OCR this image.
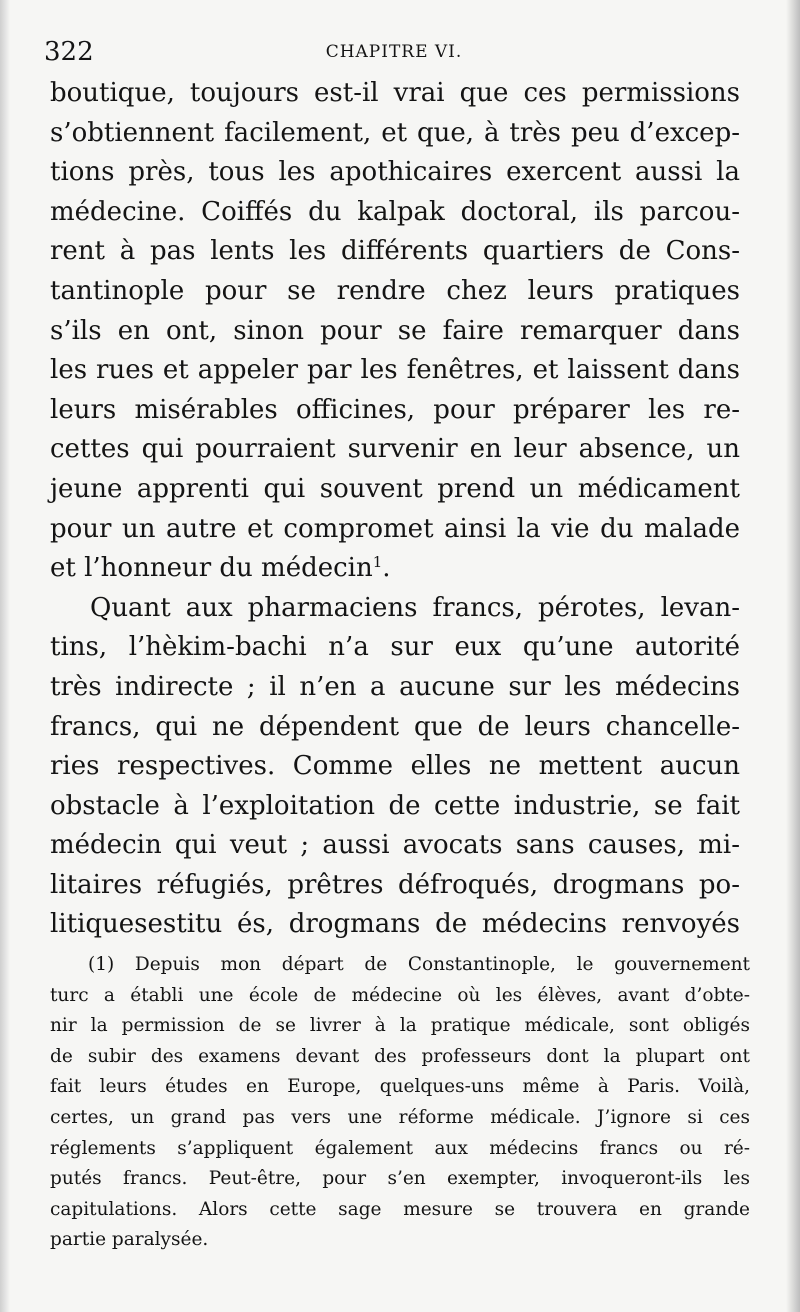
322	CHAPITRE VI.
boutique, toujours est-il vrai que ces permissions
s’obtiennent facilement, et que, à très peu d’excep-
tions près, tous les apothicaires exercent aussi la
médecine. Coiffés du kalpak doctoral, ils parcou-
rent à pas lents les différents quartiers de Cons-
tantinople pour se rendre chez leurs pratiques
s’ils en ont, sinon pour se faire remarquer dans
les rues et appeler par les fenêtres, et laissent dans
leurs misérables officines, pour préparer les re-
cettes qui pourraient survenir en leur absence, un
jeune apprenti qui souvent prend un médicament
pour un autre et compromet ainsi la vie du malade
et l’honneur du médecin$^1$.
Quant aux pharmaciens francs, pérotes, levan-
tins, l’hèkim-bachi n’a sur eux qu’une autorité
très indirecte ; il n’en a aucune sur les médecins
francs, qui ne dépendent que de leurs chancelle-
ries respectives. Comme elles ne mettent aucun
obstacle à l’exploitation de cette industrie, se fait
médecin qui veut ; aussi avocats sans causes, mi-
litaires réfugiés, prêtres défroqués, drogmans po-
litiquesestitu és, drogmans de médecins renvoyés
(1) Depuis mon départ de Constantinople, le gouvernement
turc a établi une école de médecine où les élèves, avant d’obte-
nir la permission de se livrer à la pratique médicale, sont obligés
de subir des examens devant des professeurs dont la plupart ont
fait leurs études en Europe, quelques-uns même à Paris. Voilà,
certes, un grand pas vers une réforme médicale. J’ignore si ces
réglements s’appliquent également aux médecins francs ou ré-
putés francs. Peut-être, pour s’en exempter, invoqueront-ils les
capitulations. Alors cette sage mesure se trouvera en grande
partie paralysée.
